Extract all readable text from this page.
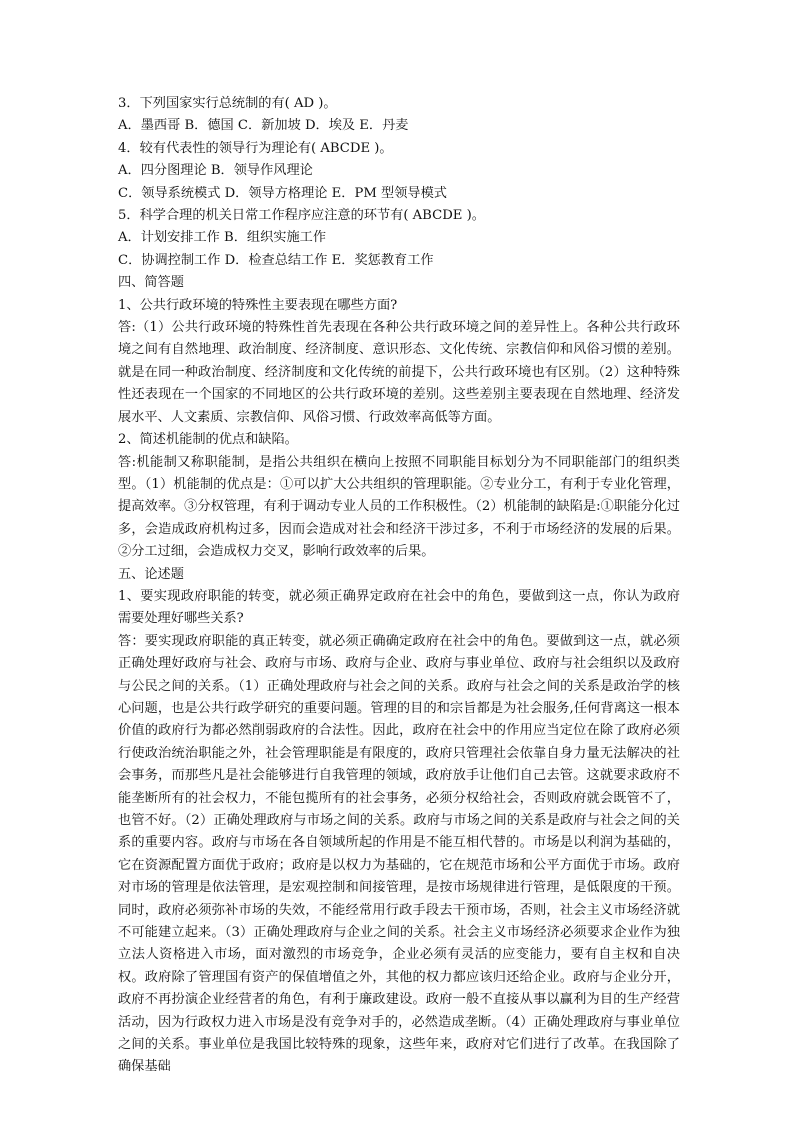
3．下列国家实行总统制的有( AD )。
A．墨西哥 B．德国 C．新加坡 D．埃及 E．丹麦
4．较有代表性的领导行为理论有( ABCDE )。
A．四分图理论 B．领导作风理论
C．领导系统模式 D．领导方格理论 E．PM 型领导模式
5．科学合理的机关日常工作程序应注意的环节有( ABCDE )。
A．计划安排工作 B．组织实施工作
C．协调控制工作 D．检查总结工作 E．奖惩教育工作
四、简答题
1、公共行政环境的特殊性主要表现在哪些方面?

答:（1）公共行政环境的特殊性首先表现在各种公共行政环境之间的差异性上。各种公共行政环境之间有自然地理、政治制度、经济制度、意识形态、文化传统、宗教信仰和风俗习惯的差别。就是在同一种政治制度、经济制度和文化传统的前提下，公共行政环境也有区别。（2）这种特殊性还表现在一个国家的不同地区的公共行政环境的差别。这些差别主要表现在自然地理、经济发展水平、人文素质、宗教信仰、风俗习惯、行政效率高低等方面。

2、简述机能制的优点和缺陷。

答:机能制又称职能制，是指公共组织在横向上按照不同职能目标划分为不同职能部门的组织类型。（1）机能制的优点是：①可以扩大公共组织的管理职能。②专业分工，有利于专业化管理，提高效率。③分权管理，有利于调动专业人员的工作积极性。（2）机能制的缺陷是:①职能分化过多，会造成政府机构过多，因而会造成对社会和经济干涉过多，不利于市场经济的发展的后果。②分工过细，会造成权力交叉，影响行政效率的后果。

五、论述题

1、要实现政府职能的转变，就必须正确界定政府在社会中的角色，要做到这一点，你认为政府需要处理好哪些关系?

答：要实现政府职能的真正转变，就必须正确确定政府在社会中的角色。要做到这一点，就必须正确处理好政府与社会、政府与市场、政府与企业、政府与事业单位、政府与社会组织以及政府与公民之间的关系。（1）正确处理政府与社会之间的关系。政府与社会之间的关系是政治学的核心问题，也是公共行政学研究的重要问题。管理的目的和宗旨都是为社会服务,任何背离这一根本价值的政府行为都必然削弱政府的合法性。因此，政府在社会中的作用应当定位在除了政府必须行使政治统治职能之外，社会管理职能是有限度的，政府只管理社会依靠自身力量无法解决的社会事务，而那些凡是社会能够进行自我管理的领域，政府放手让他们自己去管。这就要求政府不能垄断所有的社会权力，不能包揽所有的社会事务，必须分权给社会，否则政府就会既管不了，也管不好。（2）正确处理政府与市场之间的关系。政府与市场之间的关系是政府与社会之间的关系的重要内容。政府与市场在各自领域所起的作用是不能互相代替的。市场是以利润为基础的，它在资源配置方面优于政府；政府是以权力为基础的，它在规范市场和公平方面优于市场。政府对市场的管理是依法管理，是宏观控制和间接管理，是按市场规律进行管理，是低限度的干预。同时，政府必须弥补市场的失效，不能经常用行政手段去干预市场，否则，社会主义市场经济就不可能建立起来。（3）正确处理政府与企业之间的关系。社会主义市场经济必须要求企业作为独立法人资格进入市场，面对激烈的市场竞争，企业必须有灵活的应变能力，要有自主权和自决权。政府除了管理国有资产的保值增值之外，其他的权力都应该归还给企业。政府与企业分开，政府不再扮演企业经营者的角色，有利于廉政建设。政府一般不直接从事以赢利为目的生产经营活动，因为行政权力进入市场是没有竞争对手的，必然造成垄断。（4）正确处理政府与事业单位之间的关系。事业单位是我国比较特殊的现象，这些年来，政府对它们进行了改革。在我国除了确保基础
